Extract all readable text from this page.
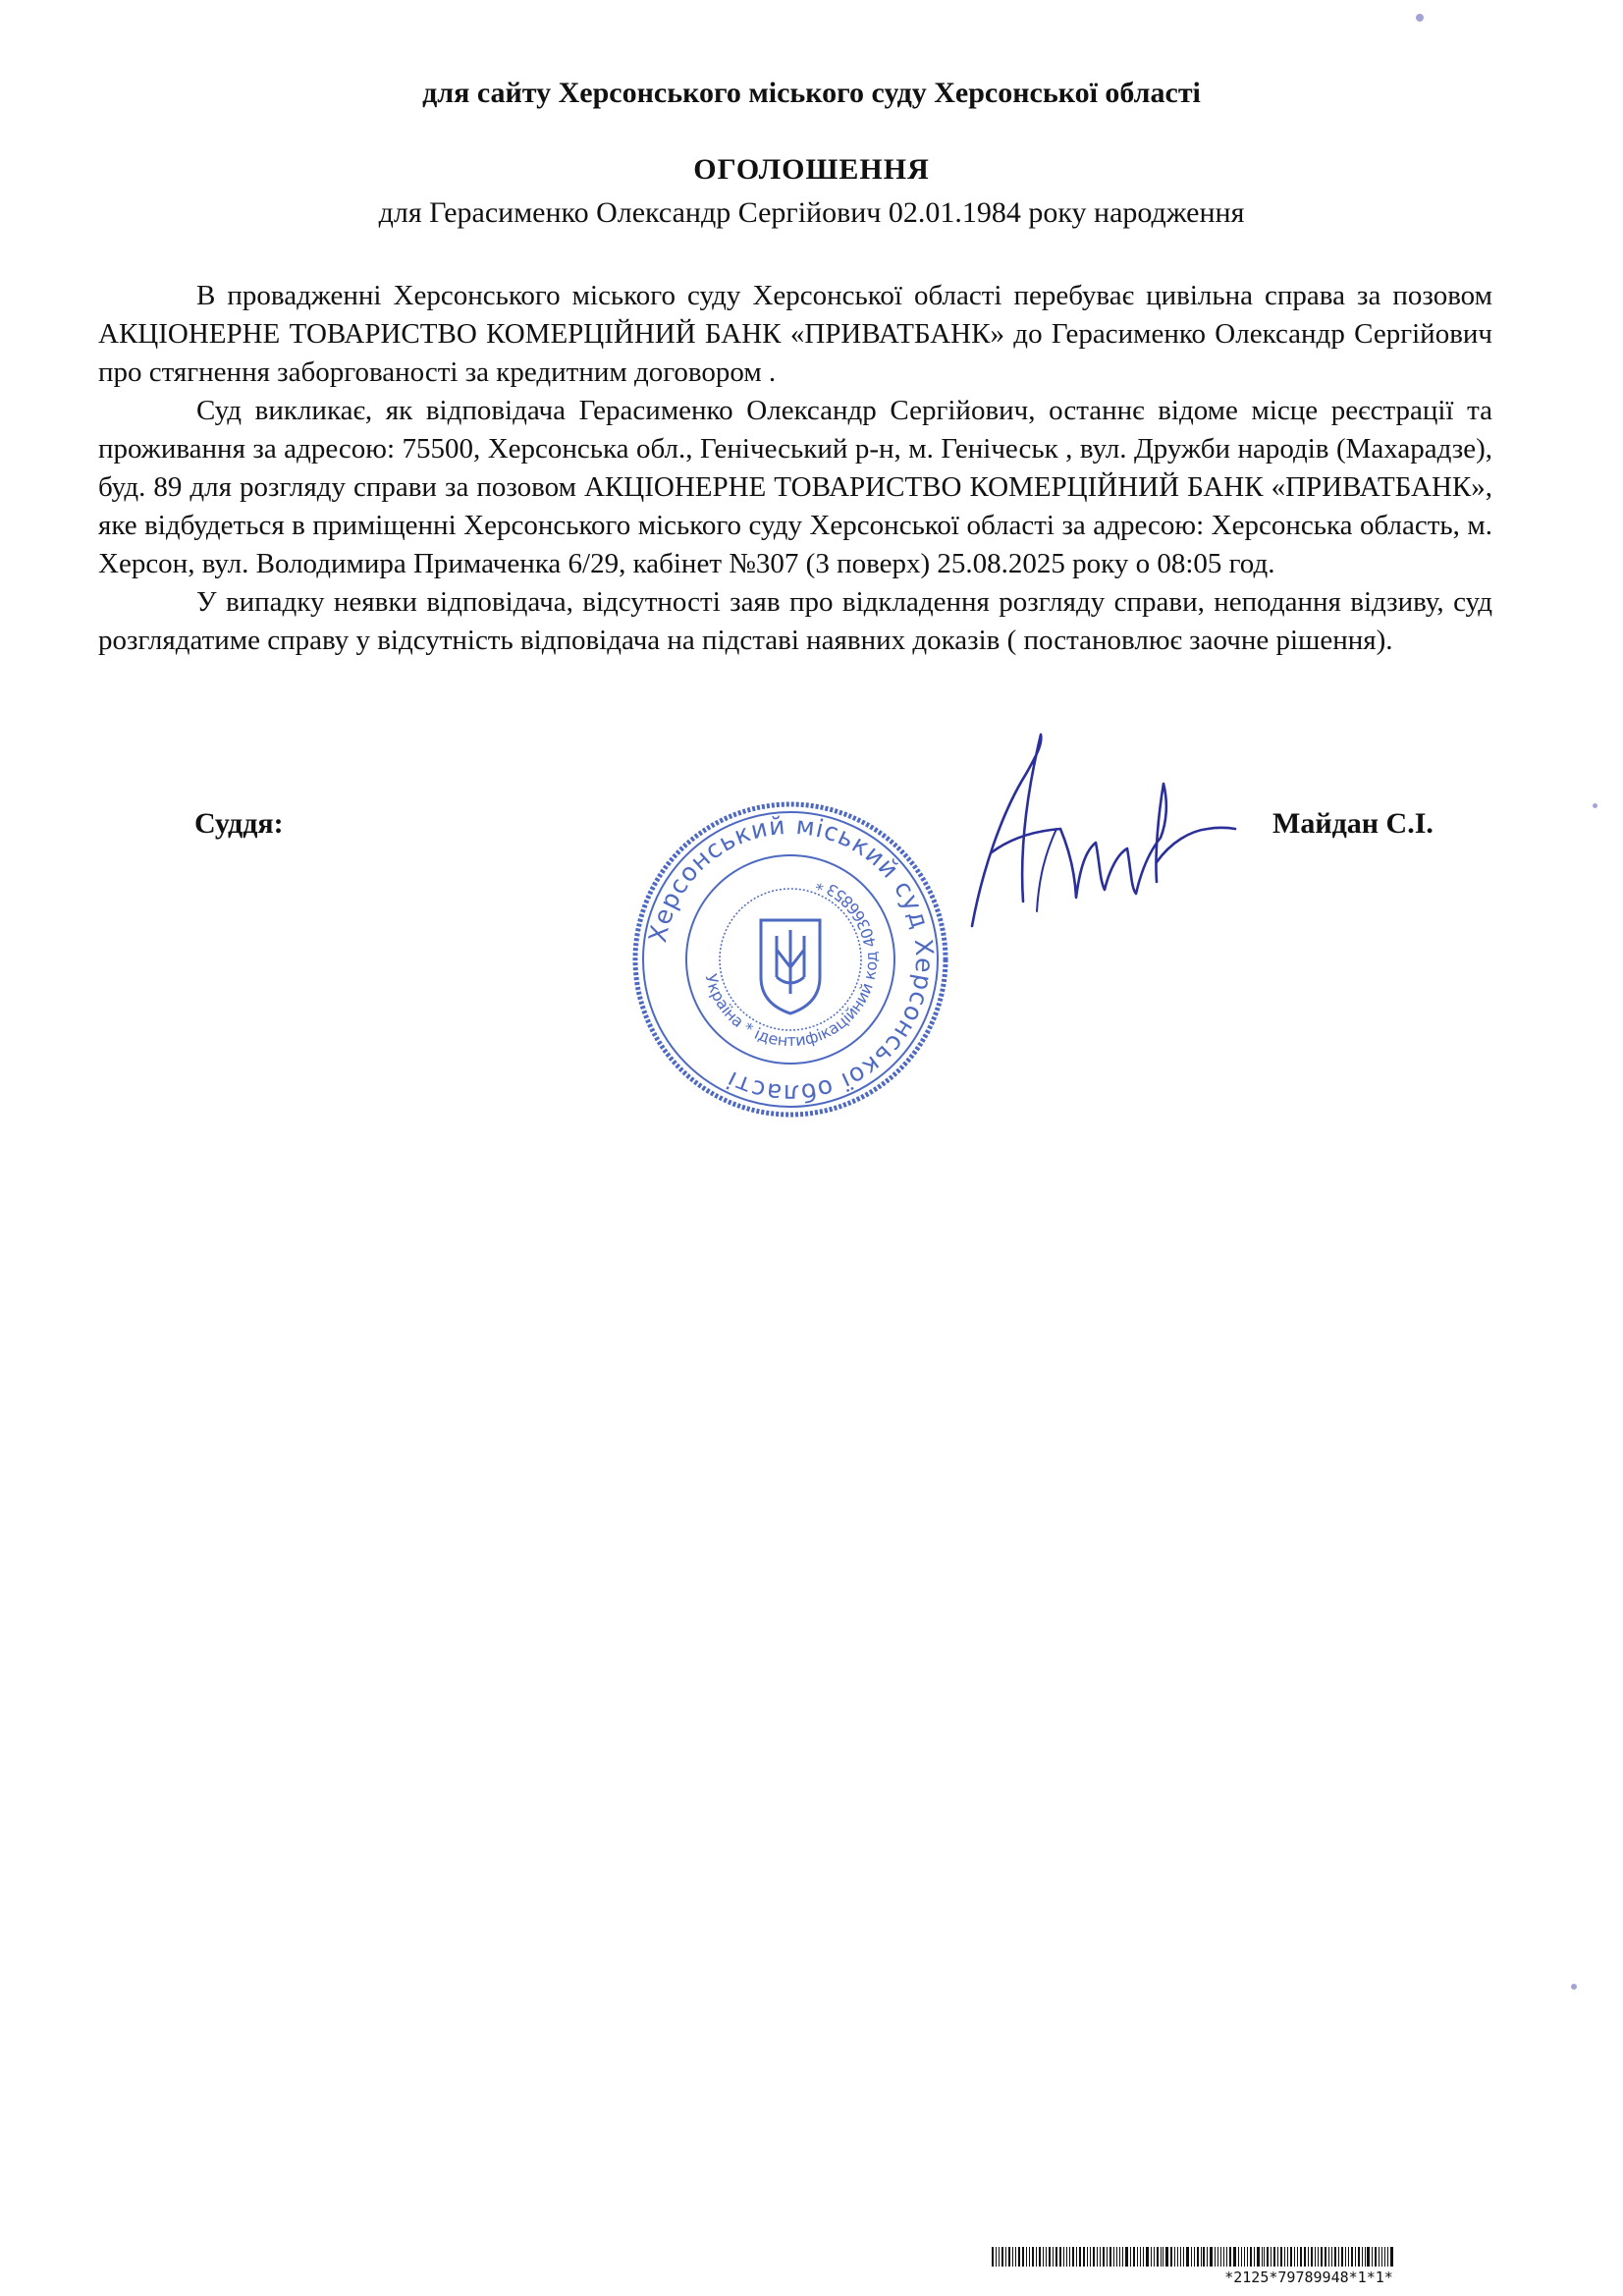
для сайту Херсонського міського суду Херсонської області
ОГОЛОШЕННЯ
для Герасименко Олександр Сергійович 02.01.1984 року народження

В провадженні Херсонського міського суду Херсонської області перебуває цивільна справа за позовом АКЦІОНЕРНЕ ТОВАРИСТВО КОМЕРЦІЙНИЙ БАНК «ПРИВАТБАНК» до Герасименко Олександр Сергійович про стягнення заборгованості за кредитним договором .

Суд викликає, як відповідача Герасименко Олександр Сергійович, останнє відоме місце реєстрації та проживання за адресою: 75500, Херсонська обл., Генічеський р-н, м. Генічеськ , вул. Дружби народів (Махарадзе), буд. 89 для розгляду справи за позовом АКЦІОНЕРНЕ ТОВАРИСТВО КОМЕРЦІЙНИЙ БАНК «ПРИВАТБАНК», яке відбудеться в приміщенні Херсонського міського суду Херсонської області за адресою: Херсонська область, м. Херсон, вул. Володимира Примаченка 6/29, кабінет №307 (3 поверх) 25.08.2025 року о 08:05 год.

У випадку неявки відповідача, відсутності заяв про відкладення розгляду справи, неподання відзиву, суд розглядатиме справу у відсутність відповідача на підставі наявних доказів ( постановлює заочне рішення).

Суддя:	Майдан С.І.
Херсонський міський суд Херсонської області
Україна * ідентифікаційний код 40366853 *
*2125*79789948*1*1*
